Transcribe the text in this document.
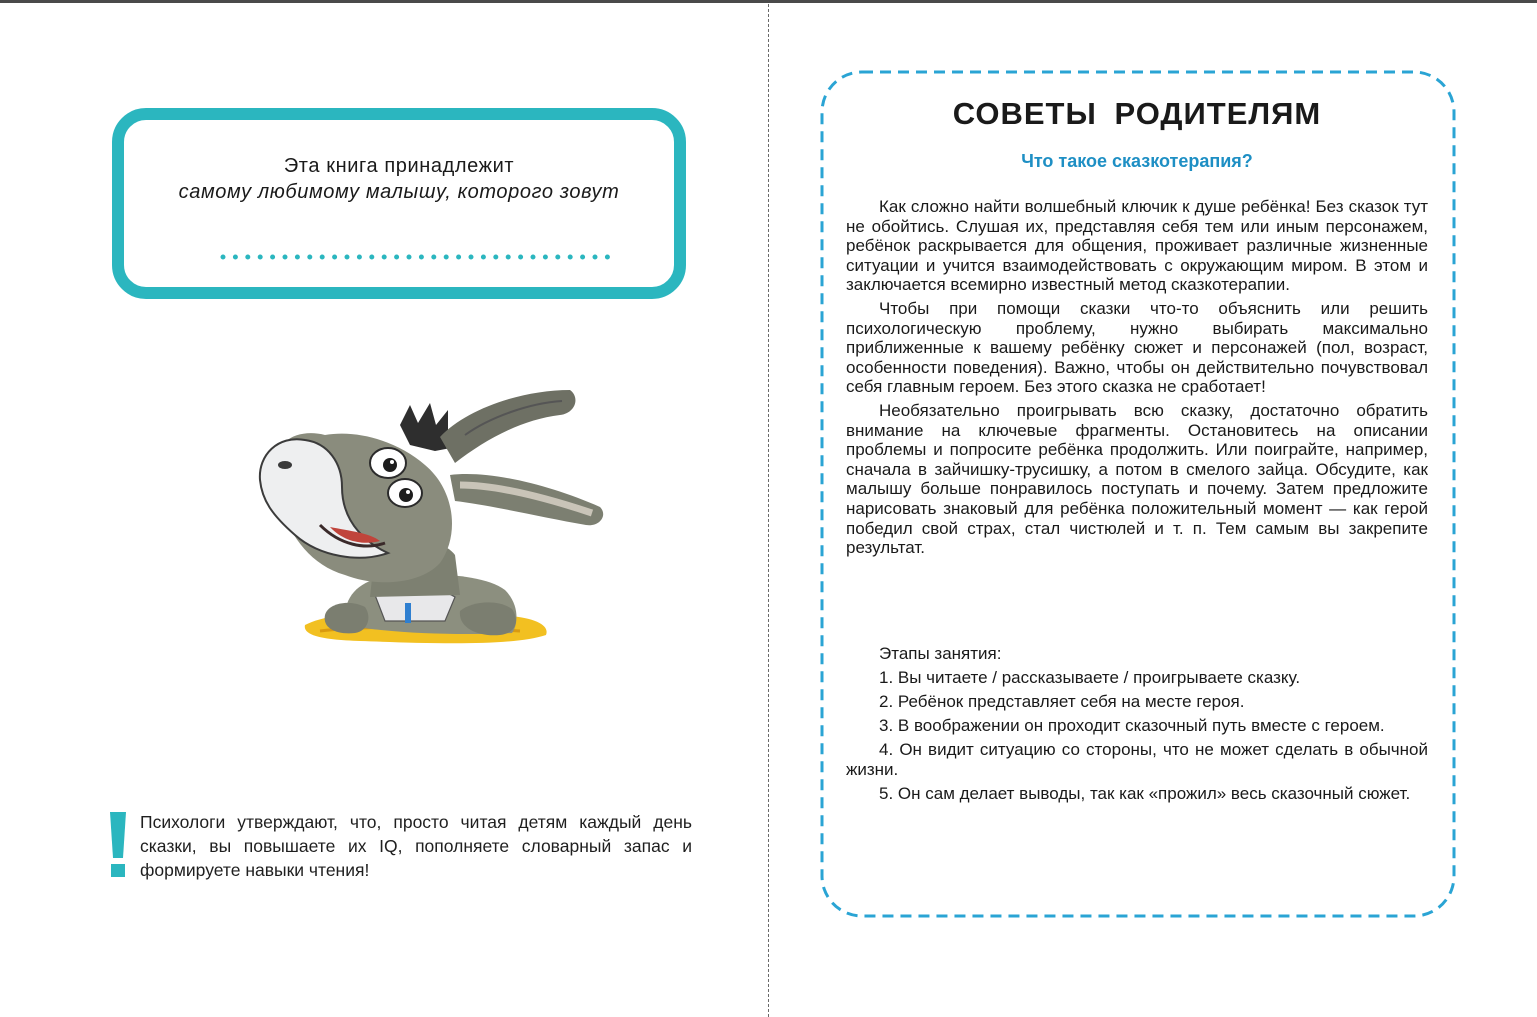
Эта книга принадлежит
самому любимому малышу, которого зовут
Психологи утверждают, что, просто читая детям каждый день сказки, вы повышаете их IQ, пополняете словарный запас и формируете навыки чтения!
СОВЕТЫ РОДИТЕЛЯМ
Что такое сказкотерапия?

Как сложно найти волшебный ключик к душе ребёнка! Без сказок тут не обойтись. Слушая их, представляя себя тем или иным персонажем, ребёнок раскрывается для общения, проживает различные жизненные ситуации и учится взаимодействовать с окружающим миром. В этом и заключается всемирно известный метод сказкотерапии.

Чтобы при помощи сказки что-то объяснить или решить психологическую проблему, нужно выбирать максимально приближенные к вашему ребёнку сюжет и персонажей (пол, возраст, особенности поведения). Важно, чтобы он действительно почувствовал себя главным героем. Без этого сказка не сработает!

Необязательно проигрывать всю сказку, достаточно обратить внимание на ключевые фрагменты. Остановитесь на описании проблемы и попросите ребёнка продолжить. Или поиграйте, например, сначала в зайчишку-трусишку, а потом в смелого зайца. Обсудите, как малышу больше понравилось поступать и почему. Затем предложите нарисовать знаковый для ребёнка положительный момент — как герой победил свой страх, стал чистюлей и т. п. Тем самым вы закрепите результат.

Этапы занятия:

1. Вы читаете / рассказываете / проигрываете сказку.

2. Ребёнок представляет себя на месте героя.

3. В воображении он проходит сказочный путь вместе с героем.

4. Он видит ситуацию со стороны, что не может сделать в обычной жизни.

5. Он сам делает выводы, так как «прожил» весь сказочный сюжет.
